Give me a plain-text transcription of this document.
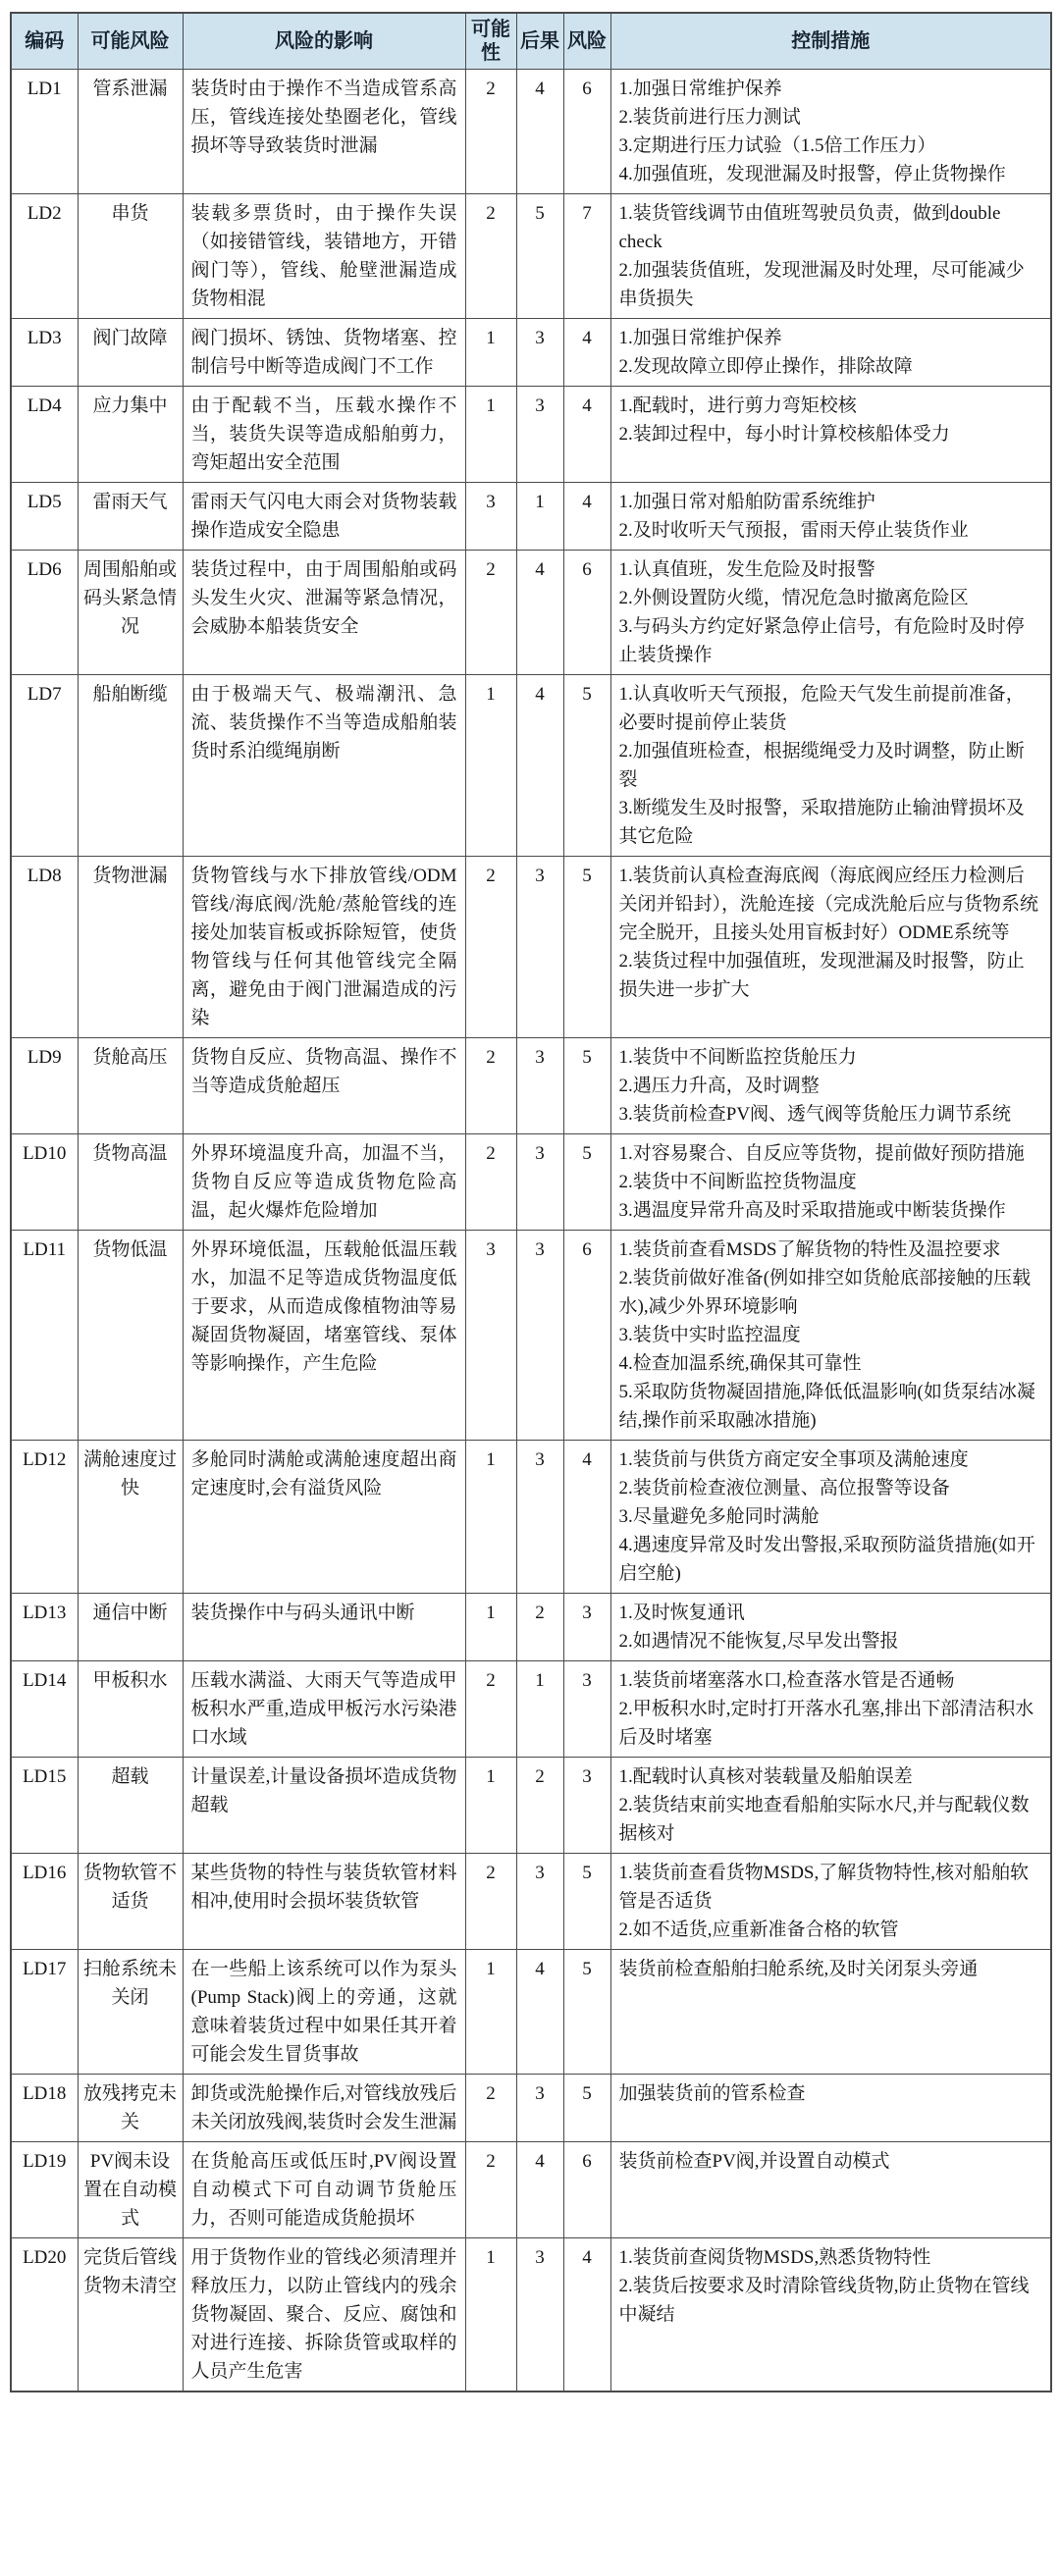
编码	可能风险	风险的影响	可能性	后果	风险	控制措施
LD1	管系泄漏	装货时由于操作不当造成管系高压，管线连接处垫圈老化，管线损坏等导致装货时泄漏	2	4	6	1.加强日常维护保养
2.装货前进行压力测试
3.定期进行压力试验（1.5倍工作压力）
4.加强值班，发现泄漏及时报警，停止货物操作

LD2	串货	装载多票货时，由于操作失误（如接错管线，装错地方，开错阀门等），管线、舱壁泄漏造成货物相混	2	5	7	1.装货管线调节由值班驾驶员负责，做到double check
2.加强装货值班，发现泄漏及时处理，尽可能减少串货损失

LD3	阀门故障	阀门损坏、锈蚀、货物堵塞、控制信号中断等造成阀门不工作	1	3	4	1.加强日常维护保养
2.发现故障立即停止操作，排除故障

LD4	应力集中	由于配载不当，压载水操作不当，装货失误等造成船舶剪力，弯矩超出安全范围	1	3	4	1.配载时，进行剪力弯矩校核
2.装卸过程中，每小时计算校核船体受力

LD5	雷雨天气	雷雨天气闪电大雨会对货物装载操作造成安全隐患	3	1	4	1.加强日常对船舶防雷系统维护
2.及时收听天气预报，雷雨天停止装货作业

LD6	周围船舶或码头紧急情况	装货过程中，由于周围船舶或码头发生火灾、泄漏等紧急情况，会威胁本船装货安全	2	4	6	1.认真值班，发生危险及时报警
2.外侧设置防火缆，情况危急时撤离危险区
3.与码头方约定好紧急停止信号，有危险时及时停止装货操作

LD7	船舶断缆	由于极端天气、极端潮汛、急流、装货操作不当等造成船舶装货时系泊缆绳崩断	1	4	5	1.认真收听天气预报，危险天气发生前提前准备，必要时提前停止装货
2.加强值班检查，根据缆绳受力及时调整，防止断裂
3.断缆发生及时报警，采取措施防止输油臂损坏及其它危险

LD8	货物泄漏	货物管线与水下排放管线/ODM管线/海底阀/洗舱/蒸舱管线的连接处加装盲板或拆除短管，使货物管线与任何其他管线完全隔离，避免由于阀门泄漏造成的污染	2	3	5	1.装货前认真检查海底阀（海底阀应经压力检测后关闭并铅封），洗舱连接（完成洗舱后应与货物系统完全脱开，且接头处用盲板封好）ODME系统等
2.装货过程中加强值班，发现泄漏及时报警，防止损失进一步扩大

LD9	货舱高压	货物自反应、货物高温、操作不当等造成货舱超压	2	3	5	1.装货中不间断监控货舱压力
2.遇压力升高，及时调整
3.装货前检查PV阀、透气阀等货舱压力调节系统

LD10	货物高温	外界环境温度升高，加温不当，货物自反应等造成货物危险高温，起火爆炸危险增加	2	3	5	1.对容易聚合、自反应等货物，提前做好预防措施
2.装货中不间断监控货物温度
3.遇温度异常升高及时采取措施或中断装货操作

LD11	货物低温	外界环境低温，压载舱低温压载水，加温不足等造成货物温度低于要求，从而造成像植物油等易凝固货物凝固，堵塞管线、泵体等影响操作，产生危险	3	3	6	1.装货前查看MSDS了解货物的特性及温控要求
2.装货前做好准备(例如排空如货舱底部接触的压载水),减少外界环境影响
3.装货中实时监控温度
4.检查加温系统,确保其可靠性
5.采取防货物凝固措施,降低低温影响(如货泵结冰凝结,操作前采取融冰措施)

LD12	满舱速度过快	多舱同时满舱或满舱速度超出商定速度时,会有溢货风险	1	3	4	1.装货前与供货方商定安全事项及满舱速度
2.装货前检查液位测量、高位报警等设备
3.尽量避免多舱同时满舱
4.遇速度异常及时发出警报,采取预防溢货措施(如开启空舱)

LD13	通信中断	装货操作中与码头通讯中断	1	2	3	1.及时恢复通讯
2.如遇情况不能恢复,尽早发出警报

LD14	甲板积水	压载水满溢、大雨天气等造成甲板积水严重,造成甲板污水污染港口水域	2	1	3	1.装货前堵塞落水口,检查落水管是否通畅
2.甲板积水时,定时打开落水孔塞,排出下部清洁积水后及时堵塞

LD15	超载	计量误差,计量设备损坏造成货物超载	1	2	3	1.配载时认真核对装载量及船舶误差
2.装货结束前实地查看船舶实际水尺,并与配载仪数据核对

LD16	货物软管不适货	某些货物的特性与装货软管材料相冲,使用时会损坏装货软管	2	3	5	1.装货前查看货物MSDS,了解货物特性,核对船舶软管是否适货
2.如不适货,应重新准备合格的软管

LD17	扫舱系统未关闭	在一些船上该系统可以作为泵头(Pump Stack)阀上的旁通，这就意味着装货过程中如果任其开着可能会发生冒货事故	1	4	5	装货前检查船舶扫舱系统,及时关闭泵头旁通

LD18	放残拷克未关	卸货或洗舱操作后,对管线放残后未关闭放残阀,装货时会发生泄漏	2	3	5	加强装货前的管系检查

LD19	PV阀未设置在自动模式	在货舱高压或低压时,PV阀设置自动模式下可自动调节货舱压力，否则可能造成货舱损坏	2	4	6	装货前检查PV阀,并设置自动模式

LD20	完货后管线货物未清空	用于货物作业的管线必须清理并释放压力，以防止管线内的残余货物凝固、聚合、反应、腐蚀和对进行连接、拆除货管或取样的人员产生危害	1	3	4	1.装货前查阅货物MSDS,熟悉货物特性
2.装货后按要求及时清除管线货物,防止货物在管线中凝结
